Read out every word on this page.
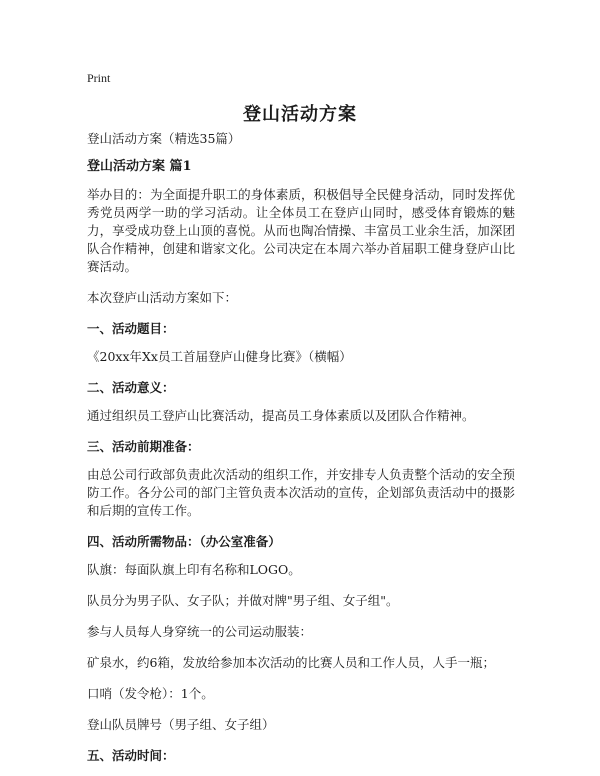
Print
登山活动方案

登山活动方案（精选35篇）

登山活动方案 篇1

举办目的：为全面提升职工的身体素质，积极倡导全民健身活动，同时发挥优秀党员两学一助的学习活动。让全体员工在登庐山同时，感受体育锻炼的魅力，享受成功登上山顶的喜悦。从而也陶冶情操、丰富员工业余生活，加深团队合作精神，创建和谐家文化。公司决定在本周六举办首届职工健身登庐山比赛活动。

本次登庐山活动方案如下：

一、活动题目：

《20xx年Xx员工首届登庐山健身比赛》（横幅）

二、活动意义：

通过组织员工登庐山比赛活动，提高员工身体素质以及团队合作精神。

三、活动前期准备：

由总公司行政部负责此次活动的组织工作，并安排专人负责整个活动的安全预防工作。各分公司的部门主管负责本次活动的宣传，企划部负责活动中的摄影和后期的宣传工作。

四、活动所需物品：（办公室准备）

队旗：每面队旗上印有名称和LOGO。

队员分为男子队、女子队；并做对牌"男子组、女子组"。

参与人员每人身穿统一的公司运动服装：

矿泉水，约6箱，发放给参加本次活动的比赛人员和工作人员，人手一瓶；

口哨（发令枪）：1个。

登山队员牌号（男子组、女子组）

五、活动时间：
